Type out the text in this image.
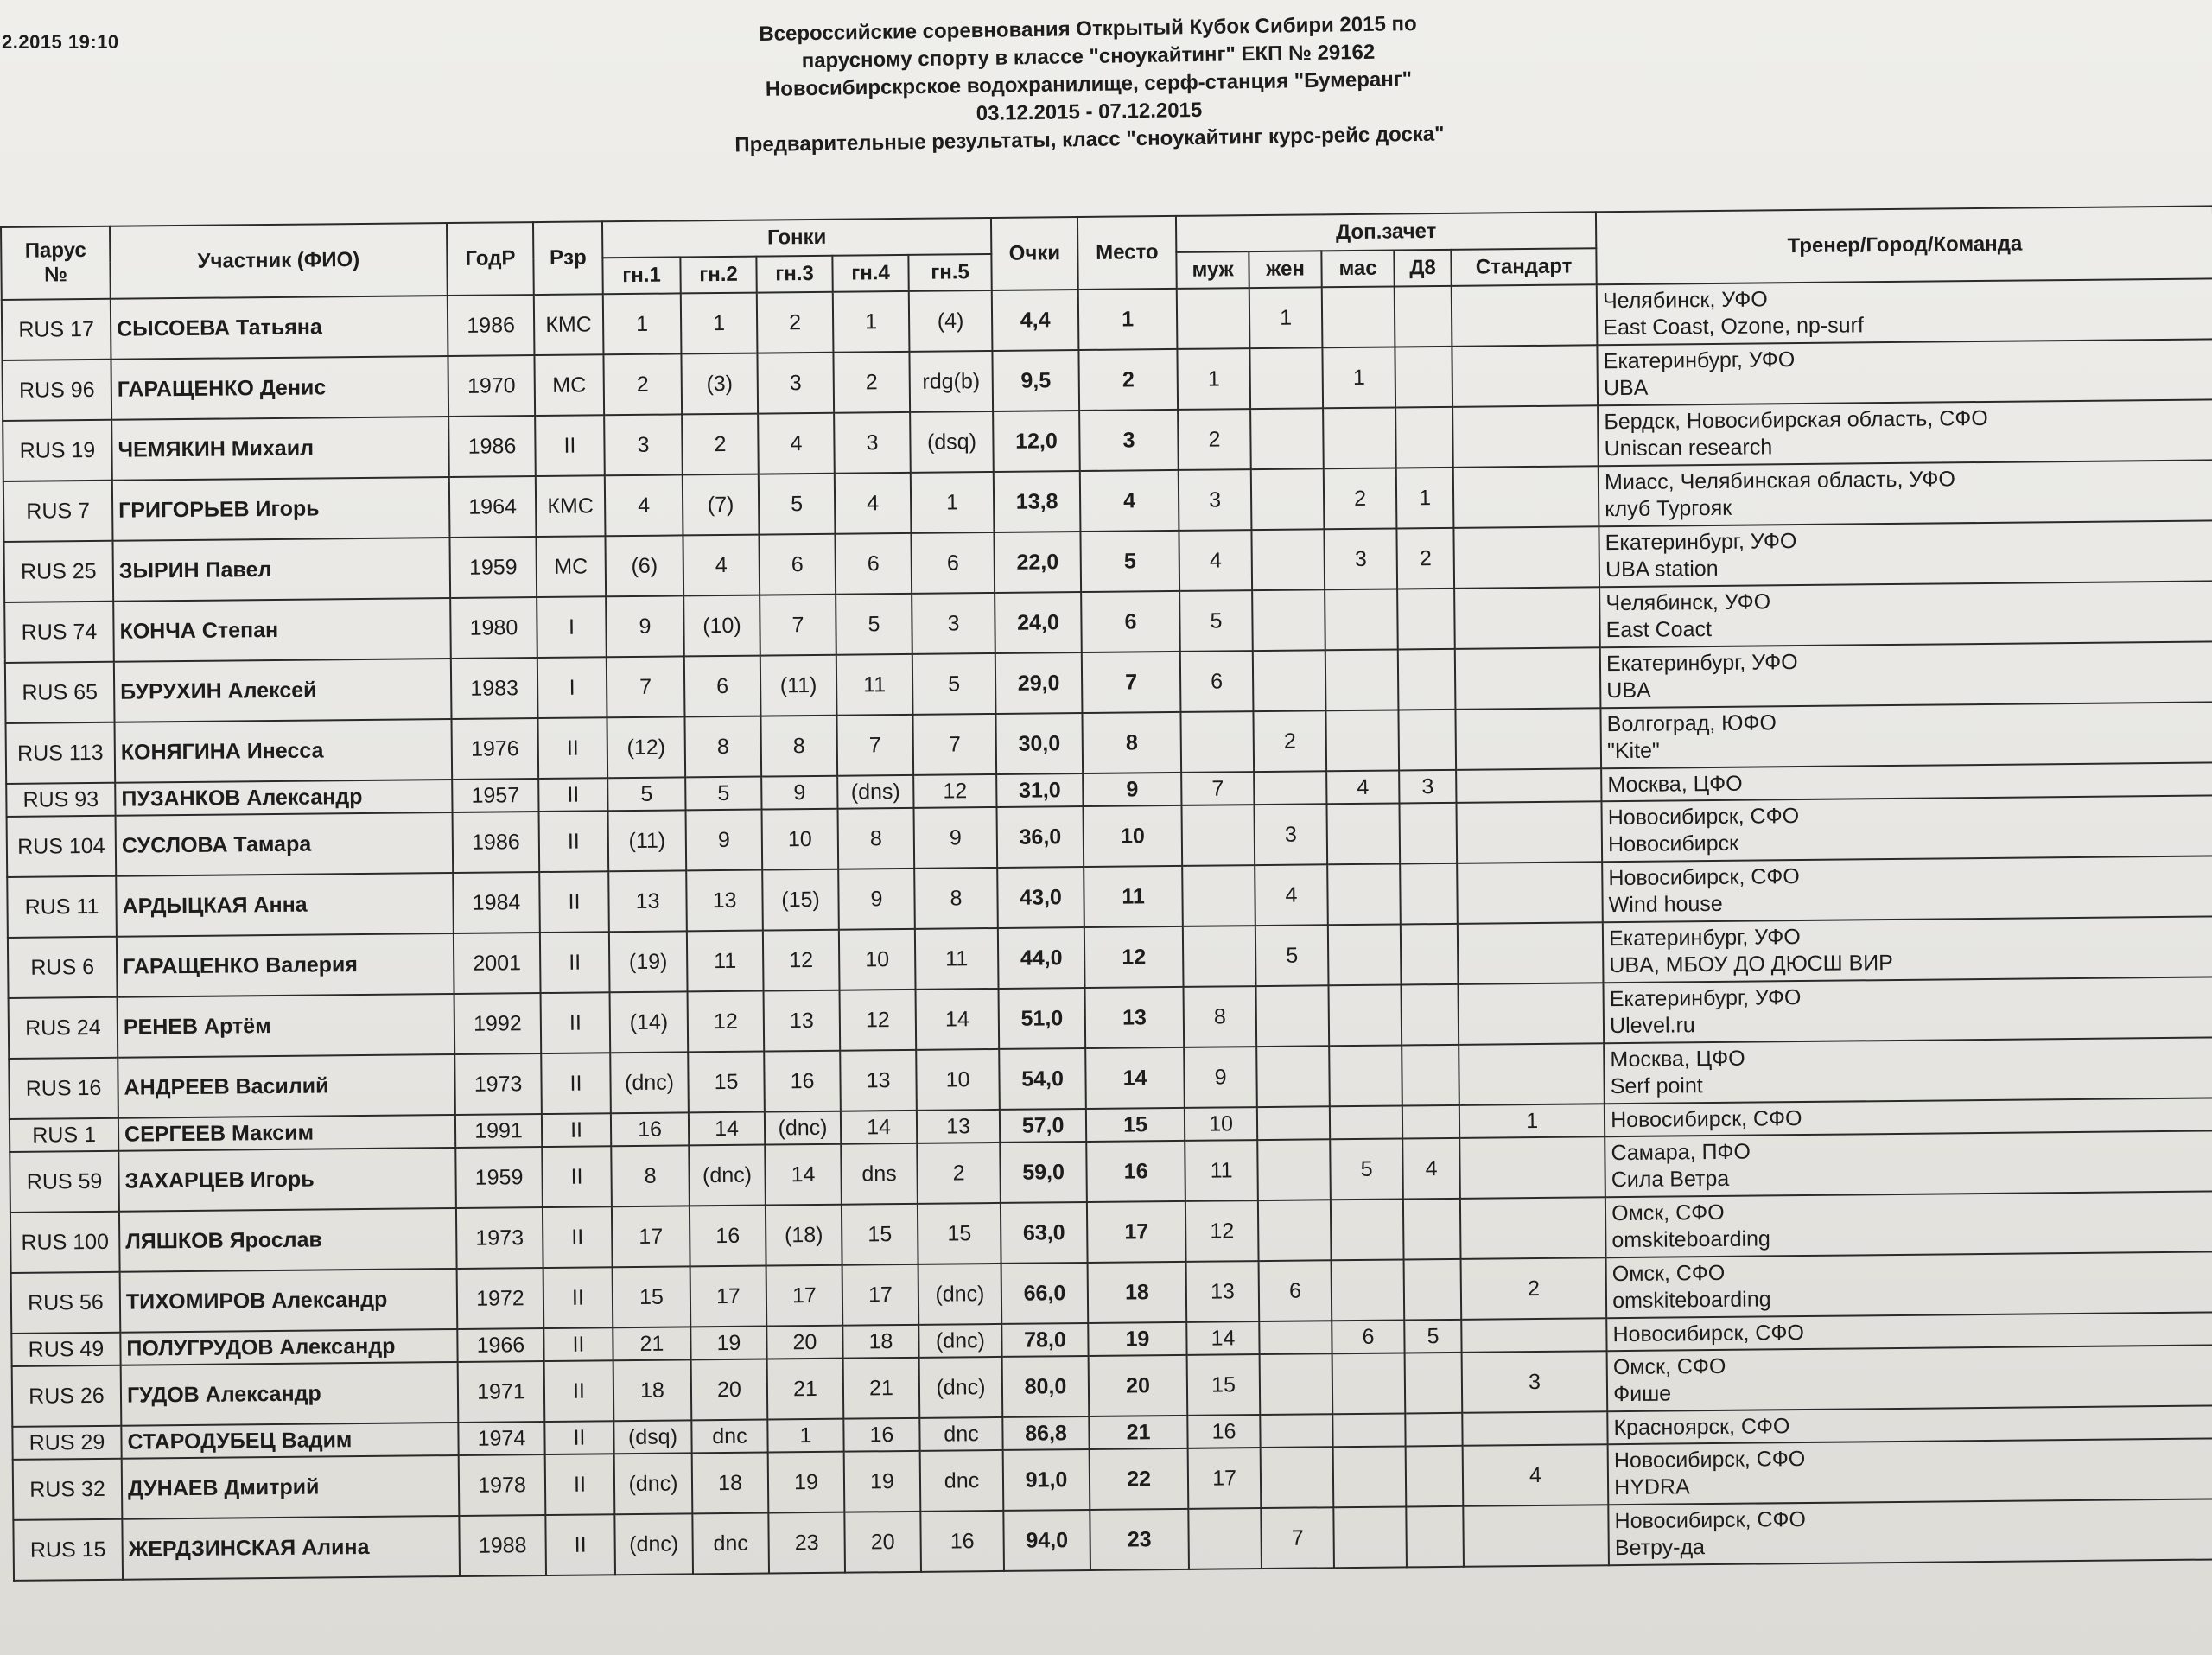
2.2015 19:10	Всероссийские соревнования Открытый Кубок Сибири 2015 по
парусному спорту в классе "сноукайтинг" ЕКП № 29162
Новосибирскрское водохранилище, серф-станция "Бумеранг"
03.12.2015 - 07.12.2015
Предварительные результаты, класс "сноукайтинг курс-рейс доска"
Парус
№	Участник (ФИО)	ГодР	Рзр	Гонки					Очки	Место	Доп.зачет					Тренер/Город/Команда
				гн.1	гн.2	гн.3	гн.4	гн.5			муж	жен	мас	Д8	Стандарт	
RUS 17	СЫСОЕВА Татьяна	1986	КМС	1	1	2	1	(4)	4,4	1		1				Челябинск, УФО
East Coast, Ozone, np-surf

RUS 96	ГАРАЩЕНКО Денис	1970	МС	2	(3)	3	2	rdg(b)	9,5	2	1		1			Екатеринбург, УФО
UBA

RUS 19	ЧЕМЯКИН Михаил	1986	II	3	2	4	3	(dsq)	12,0	3	2					Бердск, Новосибирская область, СФО
Uniscan research

RUS 7	ГРИГОРЬЕВ Игорь	1964	КМС	4	(7)	5	4	1	13,8	4	3		2	1		Миасс, Челябинская область, УФО
клуб Тургояк

RUS 25	ЗЫРИН Павел	1959	МС	(6)	4	6	6	6	22,0	5	4		3	2		Екатеринбург, УФО
UBA station

RUS 74	КОНЧА Степан	1980	I	9	(10)	7	5	3	24,0	6	5					Челябинск, УФО
East Coact

RUS 65	БУРУХИН Алексей	1983	I	7	6	(11)	11	5	29,0	7	6					Екатеринбург, УФО
UBA

RUS 113	КОНЯГИНА Инесса	1976	II	(12)	8	8	7	7	30,0	8		2				Волгоград, ЮФО
"Kite"

RUS 93	ПУЗАНКОВ Александр	1957	II	5	5	9	(dns)	12	31,0	9	7		4	3		Москва, ЦФО

RUS 104	СУСЛОВА Тамара	1986	II	(11)	9	10	8	9	36,0	10		3				Новосибирск, СФО
Новосибирск

RUS 11	АРДЫЦКАЯ Анна	1984	II	13	13	(15)	9	8	43,0	11		4				Новосибирск, СФО
Wind house

RUS 6	ГАРАЩЕНКО Валерия	2001	II	(19)	11	12	10	11	44,0	12		5				Екатеринбург, УФО
UBA, МБОУ ДО ДЮСШ ВИР

RUS 24	РЕНЕВ Артём	1992	II	(14)	12	13	12	14	51,0	13	8					Екатеринбург, УФО
Ulevel.ru

RUS 16	АНДРЕЕВ Василий	1973	II	(dnc)	15	16	13	10	54,0	14	9					Москва, ЦФО
Serf point

RUS 1	СЕРГЕЕВ Максим	1991	II	16	14	(dnc)	14	13	57,0	15	10				1	Новосибирск, СФО

RUS 59	ЗАХАРЦЕВ Игорь	1959	II	8	(dnc)	14	dns	2	59,0	16	11		5	4		Самара, ПФО
Сила Ветра

RUS 100	ЛЯШКОВ Ярослав	1973	II	17	16	(18)	15	15	63,0	17	12					Омск, СФО
omskiteboarding

RUS 56	ТИХОМИРОВ Александр	1972	II	15	17	17	17	(dnc)	66,0	18	13	6			2	Омск, СФО
omskiteboarding

RUS 49	ПОЛУГРУДОВ Александр	1966	II	21	19	20	18	(dnc)	78,0	19	14		6	5		Новосибирск, СФО

RUS 26	ГУДОВ Александр	1971	II	18	20	21	21	(dnc)	80,0	20	15				3	Омск, СФО
Фише

RUS 29	СТАРОДУБЕЦ Вадим	1974	II	(dsq)	dnc	1	16	dnc	86,8	21	16					Красноярск, СФО

RUS 32	ДУНАЕВ Дмитрий	1978	II	(dnc)	18	19	19	dnc	91,0	22	17				4	Новосибирск, СФО
HYDRA

RUS 15	ЖЕРДЗИНСКАЯ Алина	1988	II	(dnc)	dnc	23	20	16	94,0	23		7				Новосибирск, СФО
Ветру-да
